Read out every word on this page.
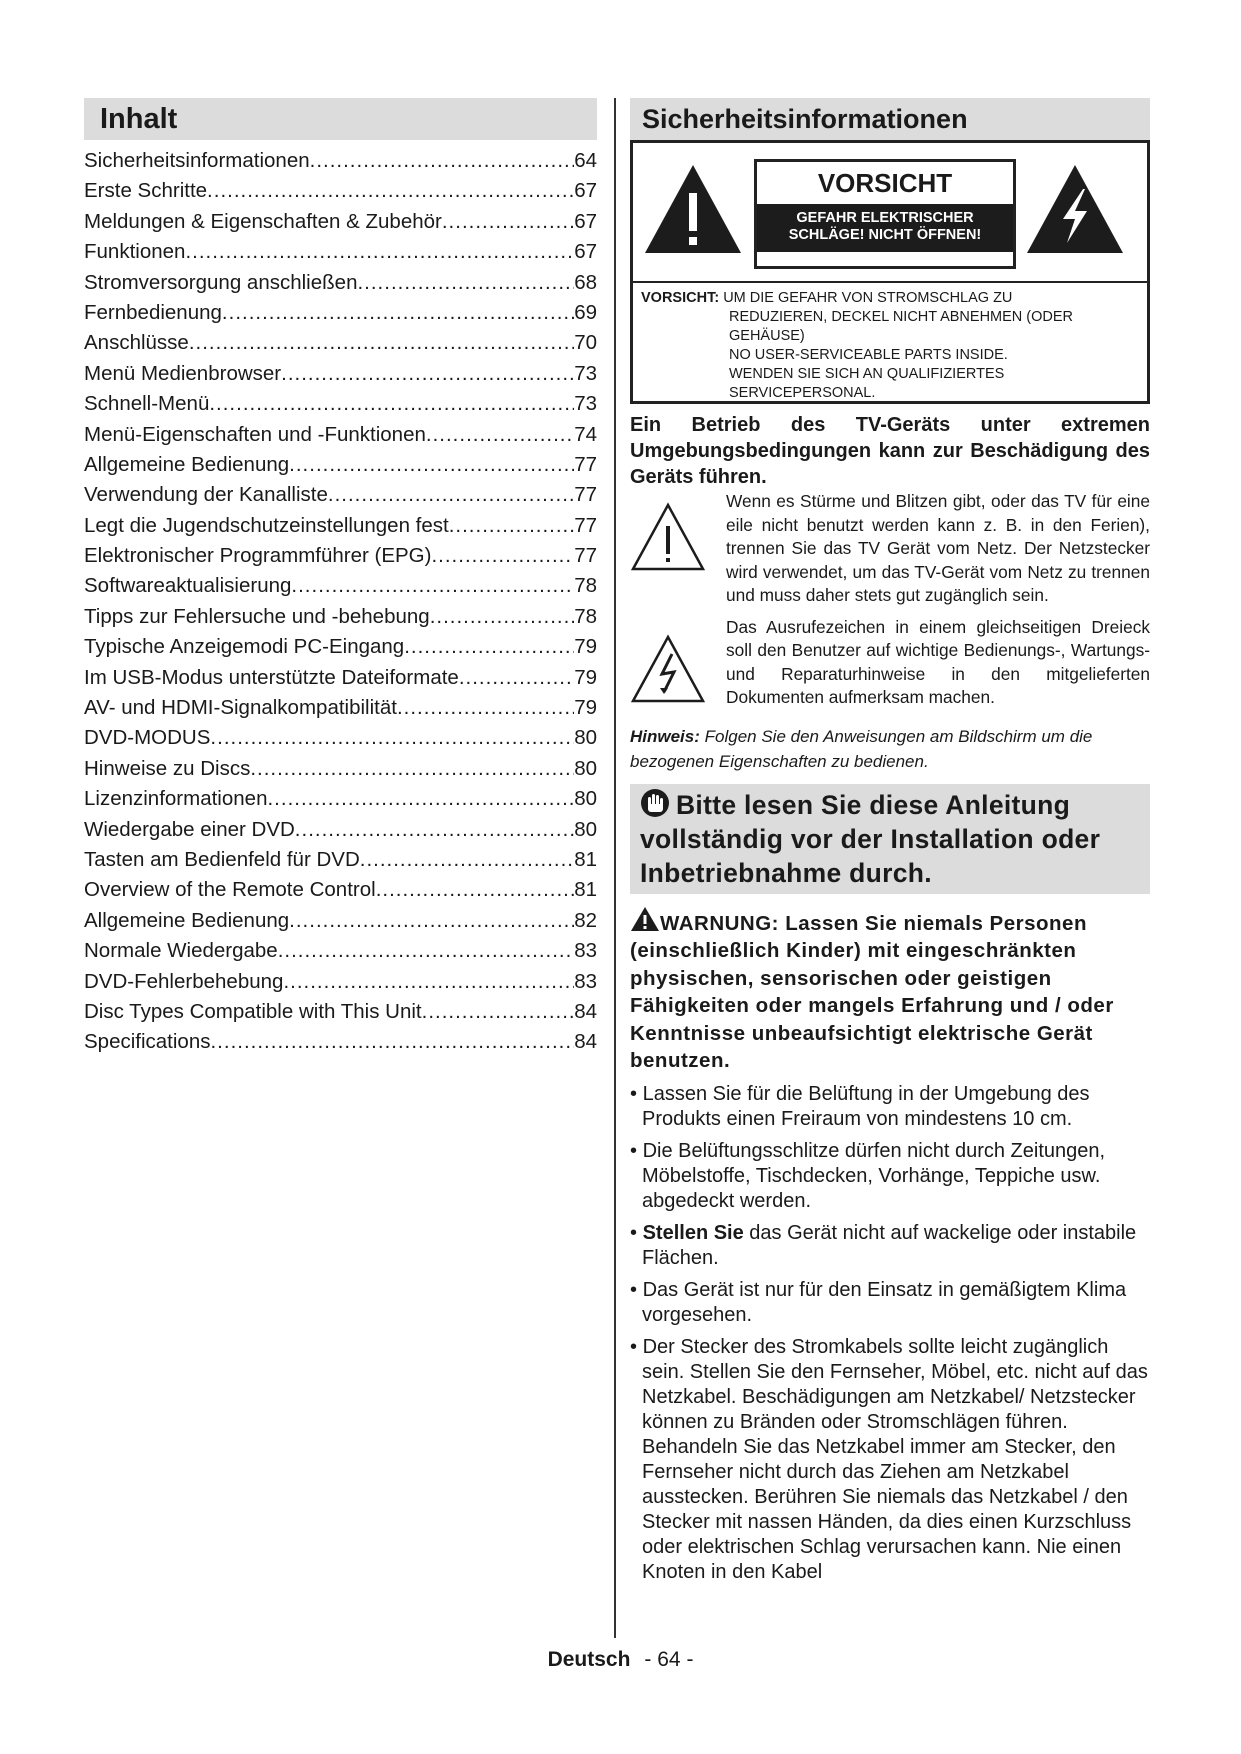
Inhalt
Sicherheitsinformationen .....	64
Erste Schritte .....	67
Meldungen & Eigenschaften & Zubehör .....	67
Funktionen .....	67
Stromversorgung anschließen .....	68
Fernbedienung .....	69
Anschlüsse .....	70
Menü Medienbrowser .....	73
Schnell-Menü .....	73
Menü-Eigenschaften und -Funktionen .....	74
Allgemeine Bedienung .....	77
Verwendung der Kanalliste .....	77
Legt die Jugendschutzeinstellungen fest .....	77
Elektronischer Programmführer (EPG) .....	77
Softwareaktualisierung .....	78
Tipps zur Fehlersuche und -behebung .....	78
Typische Anzeigemodi PC-Eingang .....	79
Im USB-Modus unterstützte Dateiformate .....	79
AV- und HDMI-Signalkompatibilität .....	79
DVD-MODUS .....	80
Hinweise zu Discs .....	80
Lizenzinformationen .....	80
Wiedergabe einer DVD .....	80
Tasten am Bedienfeld für DVD .....	81
Overview of the Remote Control .....	81
Allgemeine Bedienung .....	82
Normale Wiedergabe .....	83
DVD-Fehlerbehebung .....	83
Disc Types Compatible with This Unit .....	84
Specifications .....	84
Sicherheitsinformationen
VORSICHT
GEFAHR ELEKTRISCHER
SCHLÄGE! NICHT ÖFFNEN!
VORSICHT: UM DIE GEFAHR VON STROMSCHLAG ZU
REDUZIEREN, DECKEL NICHT ABNEHMEN (ODER
GEHÄUSE)
NO USER-SERVICEABLE PARTS INSIDE.
WENDEN SIE SICH AN QUALIFIZIERTES
SERVICEPERSONAL.
Ein Betrieb des TV-Geräts unter extremen Umgebungsbedingungen kann zur Beschädigung des Geräts führen.
Wenn es Stürme und Blitzen gibt, oder das TV für eine eile nicht benutzt werden kann z. B. in den Ferien), trennen Sie das TV Gerät vom Netz. Der Netzstecker wird verwendet, um das TV-Gerät vom Netz zu trennen und muss daher stets gut zugänglich sein.
Das Ausrufezeichen in einem gleichseitigen Dreieck soll den Benutzer auf wichtige Bedienungs-, Wartungs- und Reparaturhinweise in den mitgelieferten Dokumenten aufmerksam machen.
Hinweis: Folgen Sie den Anweisungen am Bildschirm um die bezogenen Eigenschaften zu bedienen.
Bitte lesen Sie diese Anleitung vollständig vor der Installation oder Inbetriebnahme durch.
WARNUNG: Lassen Sie niemals Personen (einschließlich Kinder) mit eingeschränkten physischen, sensorischen oder geistigen Fähigkeiten oder mangels Erfahrung und / oder Kenntnisse unbeaufsichtigt elektrische Gerät benutzen.
• Lassen Sie für die Belüftung in der Umgebung des Produkts einen Freiraum von mindestens 10 cm.
• Die Belüftungsschlitze dürfen nicht durch Zeitungen, Möbelstoffe, Tischdecken, Vorhänge, Teppiche usw. abgedeckt werden.
• Stellen Sie das Gerät nicht auf wackelige oder instabile Flächen.
• Das Gerät ist nur für den Einsatz in gemäßigtem Klima vorgesehen.
• Der Stecker des Stromkabels sollte leicht zugänglich sein. Stellen Sie den Fernseher, Möbel, etc. nicht auf das Netzkabel. Beschädigungen am Netzkabel/ Netzstecker können zu Bränden oder Stromschlägen führen. Behandeln Sie das Netzkabel immer am Stecker, den Fernseher nicht durch das Ziehen am Netzkabel ausstecken. Berühren Sie niemals das Netzkabel / den Stecker mit nassen Händen, da dies einen Kurzschluss oder elektrischen Schlag verursachen kann. Nie einen Knoten in den Kabel
Deutsch - 64 -
